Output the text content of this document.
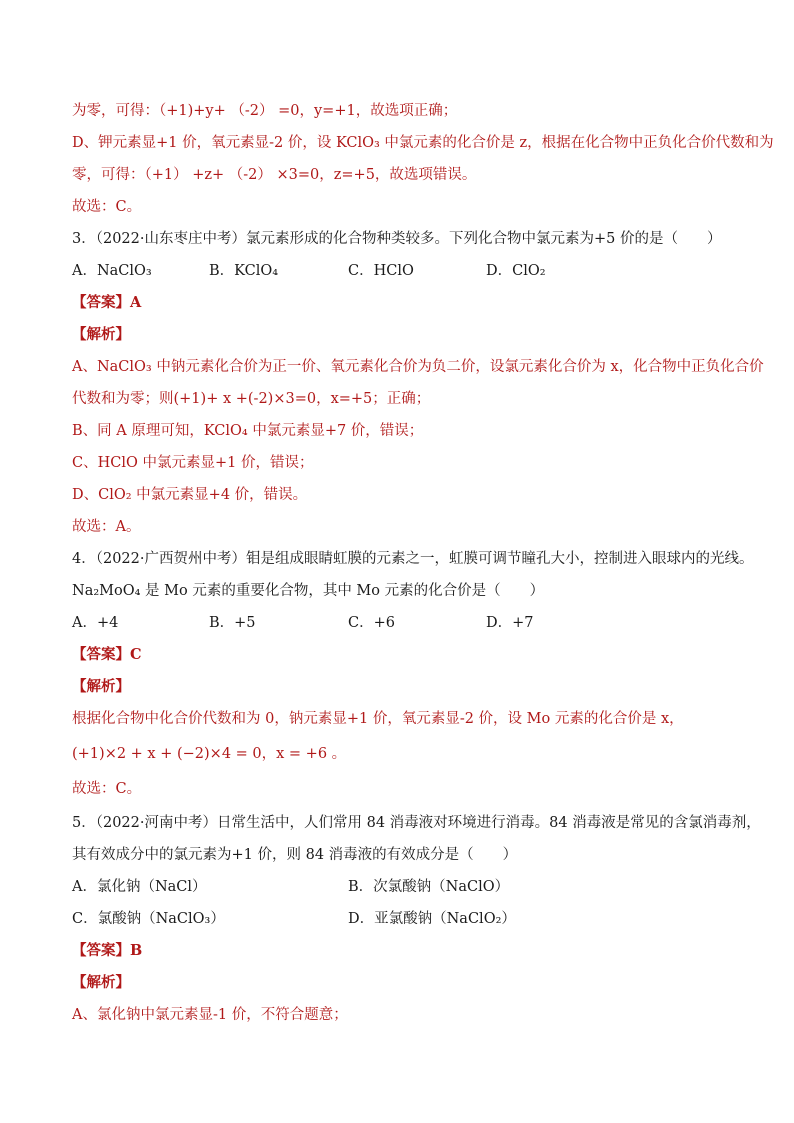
为零，可得：（+1)+y+ （-2） =0，y=+1，故选项正确；
D、钾元素显+1 价，氧元素显-2 价，设 KClO₃ 中氯元素的化合价是 z，根据在化合物中正负化合价代数和为
零，可得：（+1） +z+ （-2） ×3=0，z=+5，故选项错误。
故选：C。
3．（2022·山东枣庄中考）氯元素形成的化合物种类较多。下列化合物中氯元素为+5 价的是（　　）
A．NaClO₃	B．KClO₄	C．HClO	D．ClO₂
【答案】A
【解析】
A、NaClO₃ 中钠元素化合价为正一价、氧元素化合价为负二价，设氯元素化合价为 x，化合物中正负化合价
代数和为零；则(+1)+ x +(-2)×3=0，x=+5；正确；
B、同 A 原理可知，KClO₄ 中氯元素显+7 价，错误；
C、HClO 中氯元素显+1 价，错误；
D、ClO₂ 中氯元素显+4 价，错误。
故选：A。
4．（2022·广西贺州中考）钼是组成眼睛虹膜的元素之一，虹膜可调节瞳孔大小，控制进入眼球内的光线。
Na₂MoO₄ 是 Mo 元素的重要化合物，其中 Mo 元素的化合价是（　　）
A．+4	B．+5	C．+6	D．+7
【答案】C
【解析】
根据化合物中化合价代数和为 0，钠元素显+1 价，氧元素显-2 价，设 Mo 元素的化合价是 x，
(+1)×2 + x + (−2)×4 = 0，x = +6 。
故选：C。
5．（2022·河南中考）日常生活中，人们常用 84 消毒液对环境进行消毒。84 消毒液是常见的含氯消毒剂，
其有效成分中的氯元素为+1 价，则 84 消毒液的有效成分是（　　）
A．氯化钠（NaCl）	B．次氯酸钠（NaClO）
C．氯酸钠（NaClO₃）	D．亚氯酸钠（NaClO₂）
【答案】B
【解析】
A、氯化钠中氯元素显-1 价，不符合题意；
